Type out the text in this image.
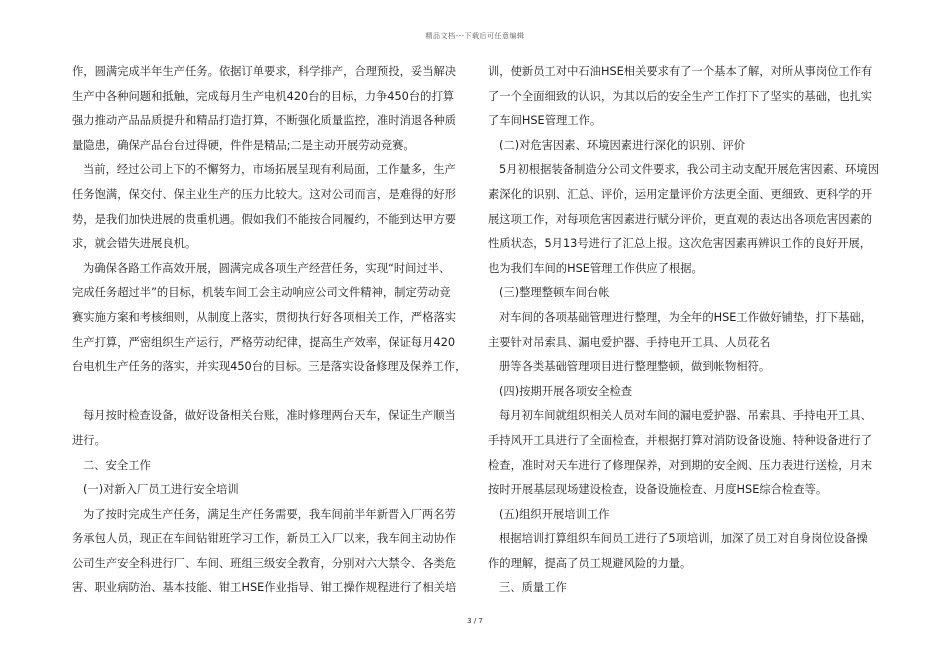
精品文档---下载后可任意编辑
作，圆满完成半年生产任务。依据订单要求，科学排产，合理预投，妥当解决
生产中各种问题和抵触，完成每月生产电机420台的目标，力争450台的打算
强力推动产品品质提升和精品打造打算，不断强化质量监控，准时消退各种质
量隐患，确保产品台台过得硬，件件是精品;二是主动开展劳动竞赛。
当前，经过公司上下的不懈努力，市场拓展呈现有利局面，工作量多，生产
任务饱满，保交付、保主业生产的压力比较大。这对公司而言，是难得的好形
势，是我们加快进展的贵重机遇。假如我们不能按合同履约，不能到达甲方要
求，就会错失进展良机。
为确保各路工作高效开展，圆满完成各项生产经营任务，实现“时间过半、
完成任务超过半”的目标，机装车间工会主动响应公司文件精神，制定劳动竞
赛实施方案和考核细则，从制度上落实，贯彻执行好各项相关工作，严格落实
生产打算，严密组织生产运行，严格劳动纪律，提高生产效率，保证每月420
台电机生产任务的落实，并实现450台的目标。三是落实设备修理及保养工作，
每月按时检查设备，做好设备相关台账，准时修理两台天车，保证生产顺当
进行。
二、安全工作
(一)对新入厂员工进行安全培训
为了按时完成生产任务，满足生产任务需要，我车间前半年新晋入厂两名劳
务承包人员，现正在车间钻钳班学习工作，新员工入厂以来，我车间主动协作
公司生产安全科进行厂、车间、班组三级安全教育，分别对六大禁令、各类危
害、职业病防治、基本技能、钳工HSE作业指导、钳工操作规程进行了相关培
训，使新员工对中石油HSE相关要求有了一个基本了解，对所从事岗位工作有
了一个全面细致的认识，为其以后的安全生产工作打下了坚实的基础，也扎实
了车间HSE管理工作。
(二)对危害因素、环境因素进行深化的识别、评价
5月初根据装备制造分公司文件要求，我公司主动支配开展危害因素、环境因
素深化的识别、汇总、评价，运用定量评价方法更全面、更细致、更科学的开
展这项工作，对每项危害因素进行赋分评价，更直观的表达出各项危害因素的
性质状态，5月13号进行了汇总上报。这次危害因素再辨识工作的良好开展，
也为我们车间的HSE管理工作供应了根据。
(三)整理整顿车间台帐
对车间的各项基础管理进行整理，为全年的HSE工作做好铺垫，打下基础，
主要针对吊索具、漏电爱护器、手持电开工具、人员花名
册等各类基础管理项目进行整理整顿，做到帐物相符。
(四)按期开展各项安全检查
每月初车间就组织相关人员对车间的漏电爱护器、吊索具、手持电开工具、
手持风开工具进行了全面检查，并根据打算对消防设备设施、特种设备进行了
检查，准时对天车进行了修理保养，对到期的安全阀、压力表进行送检，月末
按时开展基层现场建设检查，设备设施检查、月度HSE综合检查等。
(五)组织开展培训工作
根据培训打算组织车间员工进行了5项培训，加深了员工对自身岗位设备操
作的理解，提高了员工规避风险的力量。
三、质量工作
3 / 7
